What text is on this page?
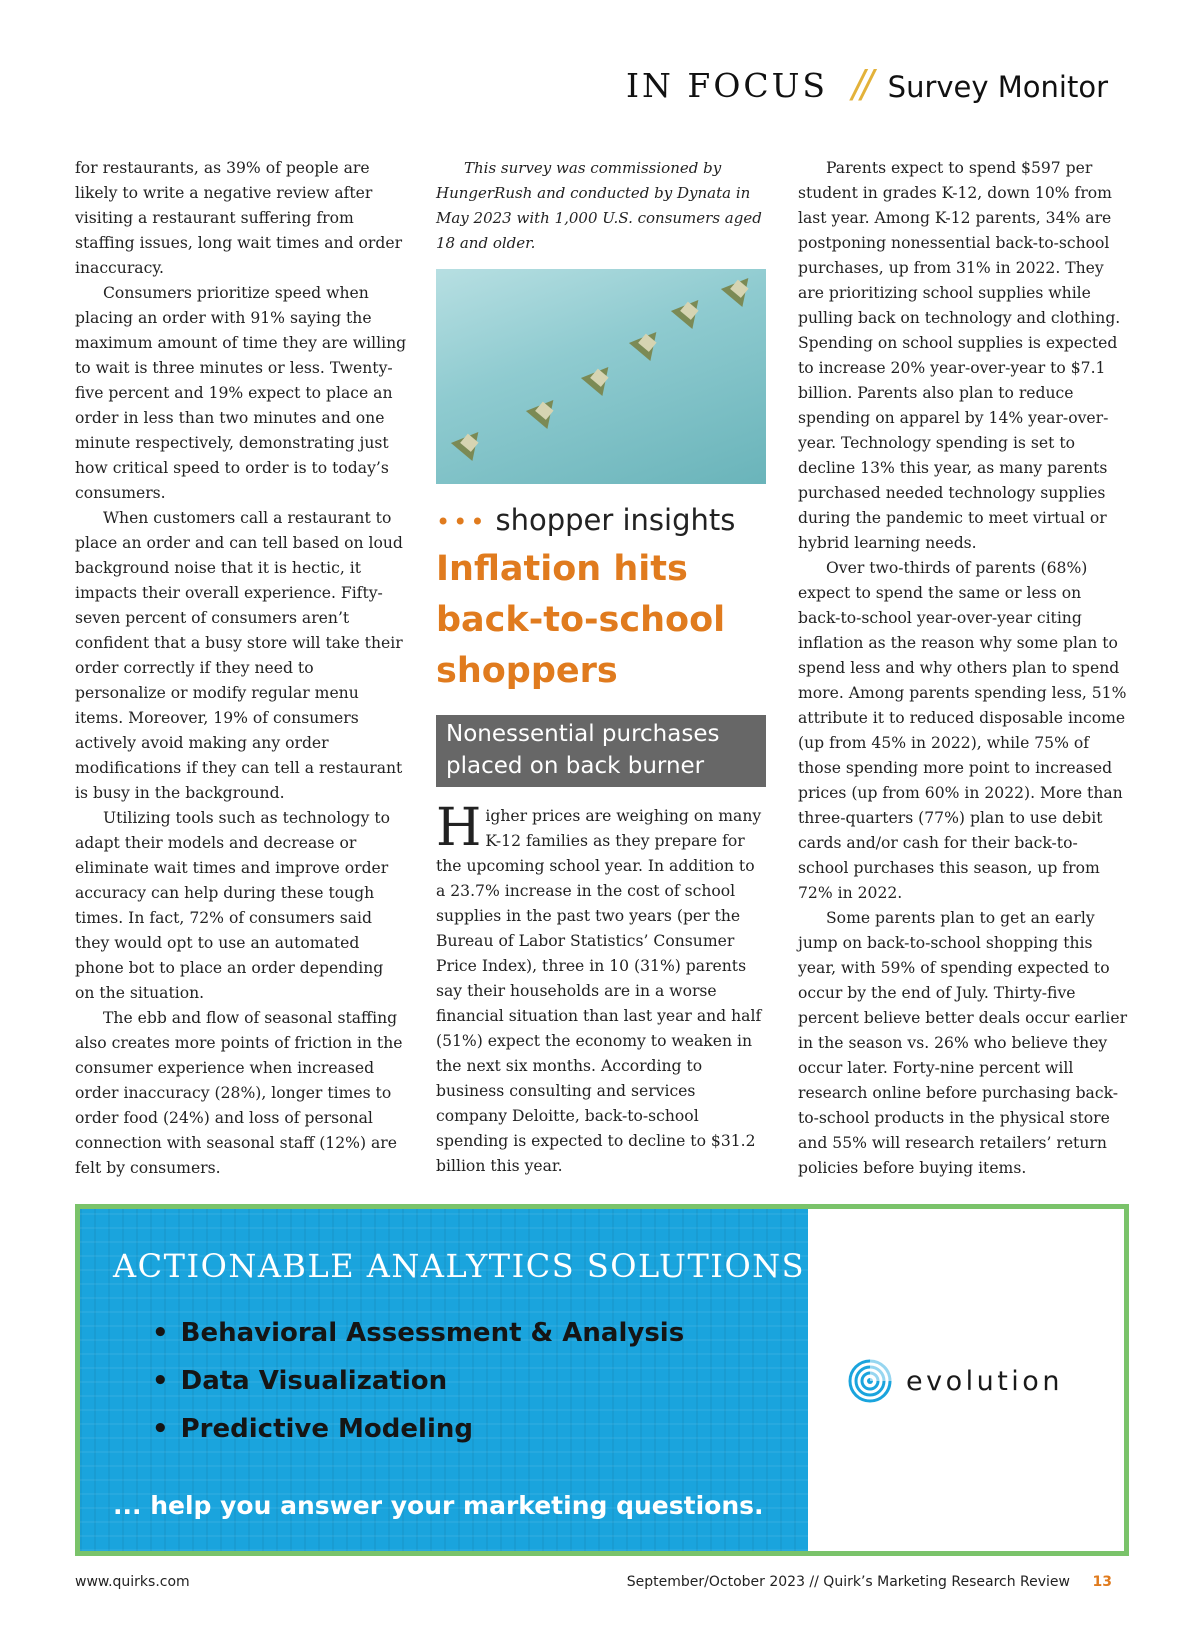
IN FOCUS // Survey Monitor

for restaurants, as 39% of people are likely to write a negative review after visiting a restaurant suffering from staffing issues, long wait times and order inaccuracy.

Consumers prioritize speed when placing an order with 91% saying the maximum amount of time they are willing to wait is three minutes or less. Twenty-five percent and 19% expect to place an order in less than two minutes and one minute respectively, demonstrating just how critical speed to order is to today’s consumers.

When customers call a restaurant to place an order and can tell based on loud background noise that it is hectic, it impacts their overall experience. Fifty-seven percent of consumers aren’t confident that a busy store will take their order correctly if they need to personalize or modify regular menu items. Moreover, 19% of consumers actively avoid making any order modifications if they can tell a restaurant is busy in the background.

Utilizing tools such as technology to adapt their models and decrease or eliminate wait times and improve order accuracy can help during these tough times. In fact, 72% of consumers said they would opt to use an automated phone bot to place an order depending on the situation.

The ebb and flow of seasonal staffing also creates more points of friction in the consumer experience when increased order inaccuracy (28%), longer times to order food (24%) and loss of personal connection with seasonal staff (12%) are felt by consumers.

This survey was commissioned by HungerRush and conducted by Dynata in May 2023 with 1,000 U.S. consumers aged 18 and older.

••• shopper insights
Inflation hits back-to-school shoppers
Nonessential purchases placed on back burner
Higher prices are weighing on many K-12 families as they prepare for the upcoming school year. In addition to a 23.7% increase in the cost of school supplies in the past two years (per the Bureau of Labor Statistics’ Consumer Price Index), three in 10 (31%) parents say their households are in a worse financial situation than last year and half (51%) expect the economy to weaken in the next six months. According to business consulting and services company Deloitte, back-to-school spending is expected to decline to $31.2 billion this year.

Parents expect to spend $597 per student in grades K-12, down 10% from last year. Among K-12 parents, 34% are postponing nonessential back-to-school purchases, up from 31% in 2022. They are prioritizing school supplies while pulling back on technology and clothing. Spending on school supplies is expected to increase 20% year-over-year to $7.1 billion. Parents also plan to reduce spending on apparel by 14% year-over-year. Technology spending is set to decline 13% this year, as many parents purchased needed technology supplies during the pandemic to meet virtual or hybrid learning needs.

Over two-thirds of parents (68%) expect to spend the same or less on back-to-school year-over-year citing inflation as the reason why some plan to spend less and why others plan to spend more. Among parents spending less, 51% attribute it to reduced disposable income (up from 45% in 2022), while 75% of those spending more point to increased prices (up from 60% in 2022). More than three-quarters (77%) plan to use debit cards and/or cash for their back-to-school purchases this season, up from 72% in 2022.

Some parents plan to get an early jump on back-to-school shopping this year, with 59% of spending expected to occur by the end of July. Thirty-five percent believe better deals occur earlier in the season vs. 26% who believe they occur later. Forty-nine percent will research online before purchasing back-to-school products in the physical store and 55% will research retailers’ return policies before buying items.

ACTIONABLE ANALYTICS SOLUTIONS
• Behavioral Assessment & Analysis
• Data Visualization
• Predictive Modeling
... help you answer your marketing questions.
evolution
www.quirks.com	September/October 2023 // Quirk’s Marketing Research Review 13
